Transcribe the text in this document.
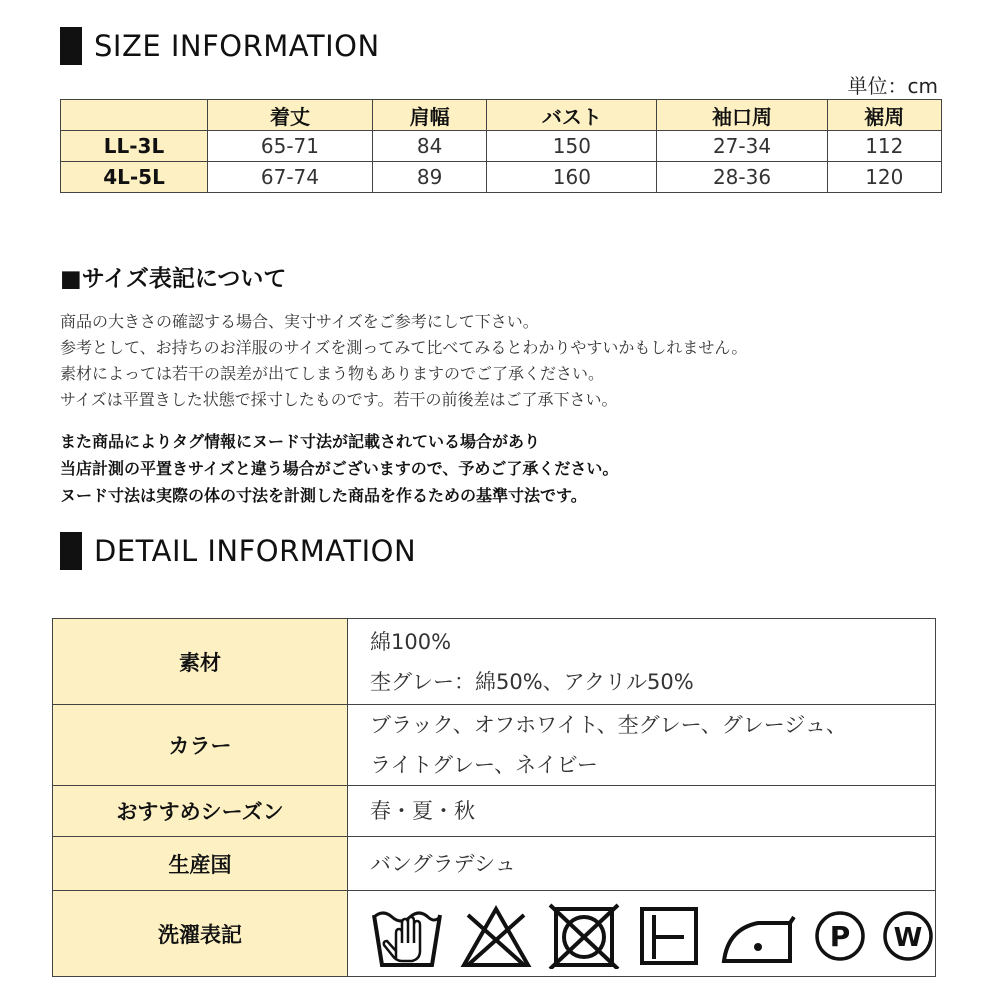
SIZE INFORMATION
単位：cm
	着丈	肩幅	バスト	袖口周	裾周
LL-3L	65-71	84	150	27-34	112
4L-5L	67-74	89	160	28-36	120
■サイズ表記について
商品の大きさの確認する場合、実寸サイズをご参考にして下さい。
参考として、お持ちのお洋服のサイズを測ってみて比べてみるとわかりやすいかもしれません。
素材によっては若干の誤差が出てしまう物もありますのでご了承ください。
サイズは平置きした状態で採寸したものです。若干の前後差はご了承下さい。
また商品によりタグ情報にヌード寸法が記載されている場合があり
当店計測の平置きサイズと違う場合がございますので、予めご了承ください。
ヌード寸法は実際の体の寸法を計測した商品を作るための基準寸法です。
DETAIL INFORMATION
素材	綿100%
杢グレー：綿50%、アクリル50%

カラー	ブラック、オフホワイト、杢グレー、グレージュ、
ライトグレー、ネイビー

おすすめシーズン	春・夏・秋

生産国	バングラデシュ

洗濯表記	P W
